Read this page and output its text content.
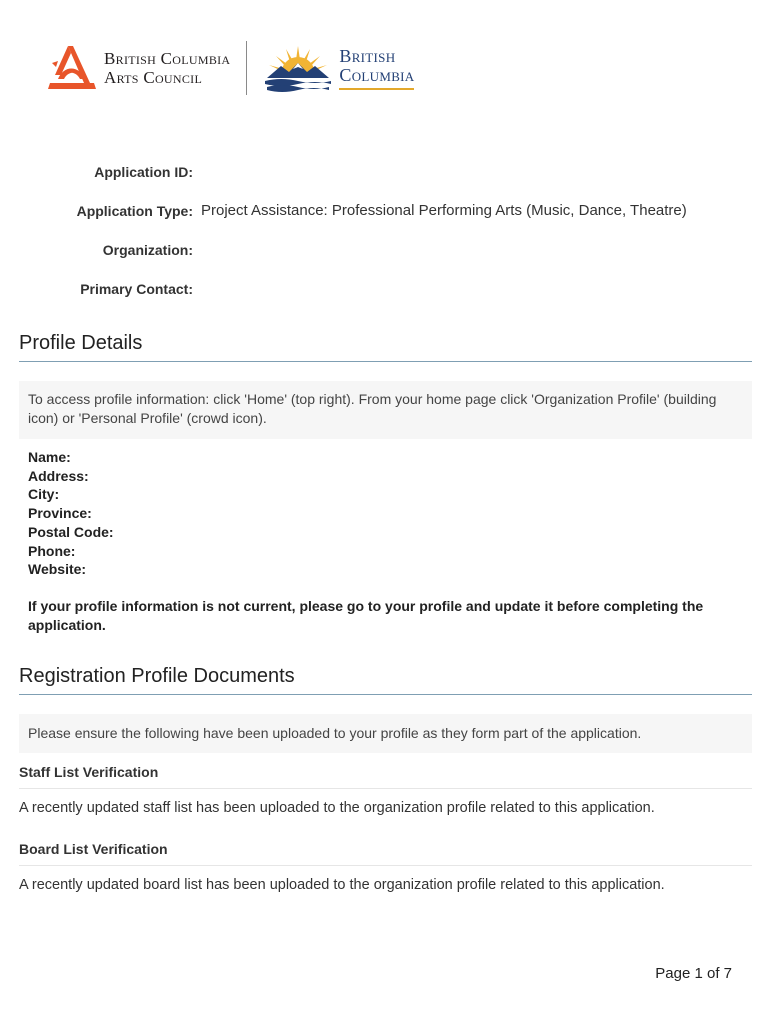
British Columbia
Arts Council
British
Columbia
Application ID:
Application Type: Project Assistance: Professional Performing Arts (Music, Dance, Theatre)
Organization:
Primary Contact:
Profile Details
To access profile information: click 'Home' (top right). From your home page click 'Organization Profile' (building icon) or 'Personal Profile' (crowd icon).
Name:
Address:
City:
Province:
Postal Code:
Phone:
Website:
If your profile information is not current, please go to your profile and update it before completing the application.
Registration Profile Documents
Please ensure the following have been uploaded to your profile as they form part of the application.
Staff List Verification
A recently updated staff list has been uploaded to the organization profile related to this application.
Board List Verification
A recently updated board list has been uploaded to the organization profile related to this application.
Page 1 of 7
